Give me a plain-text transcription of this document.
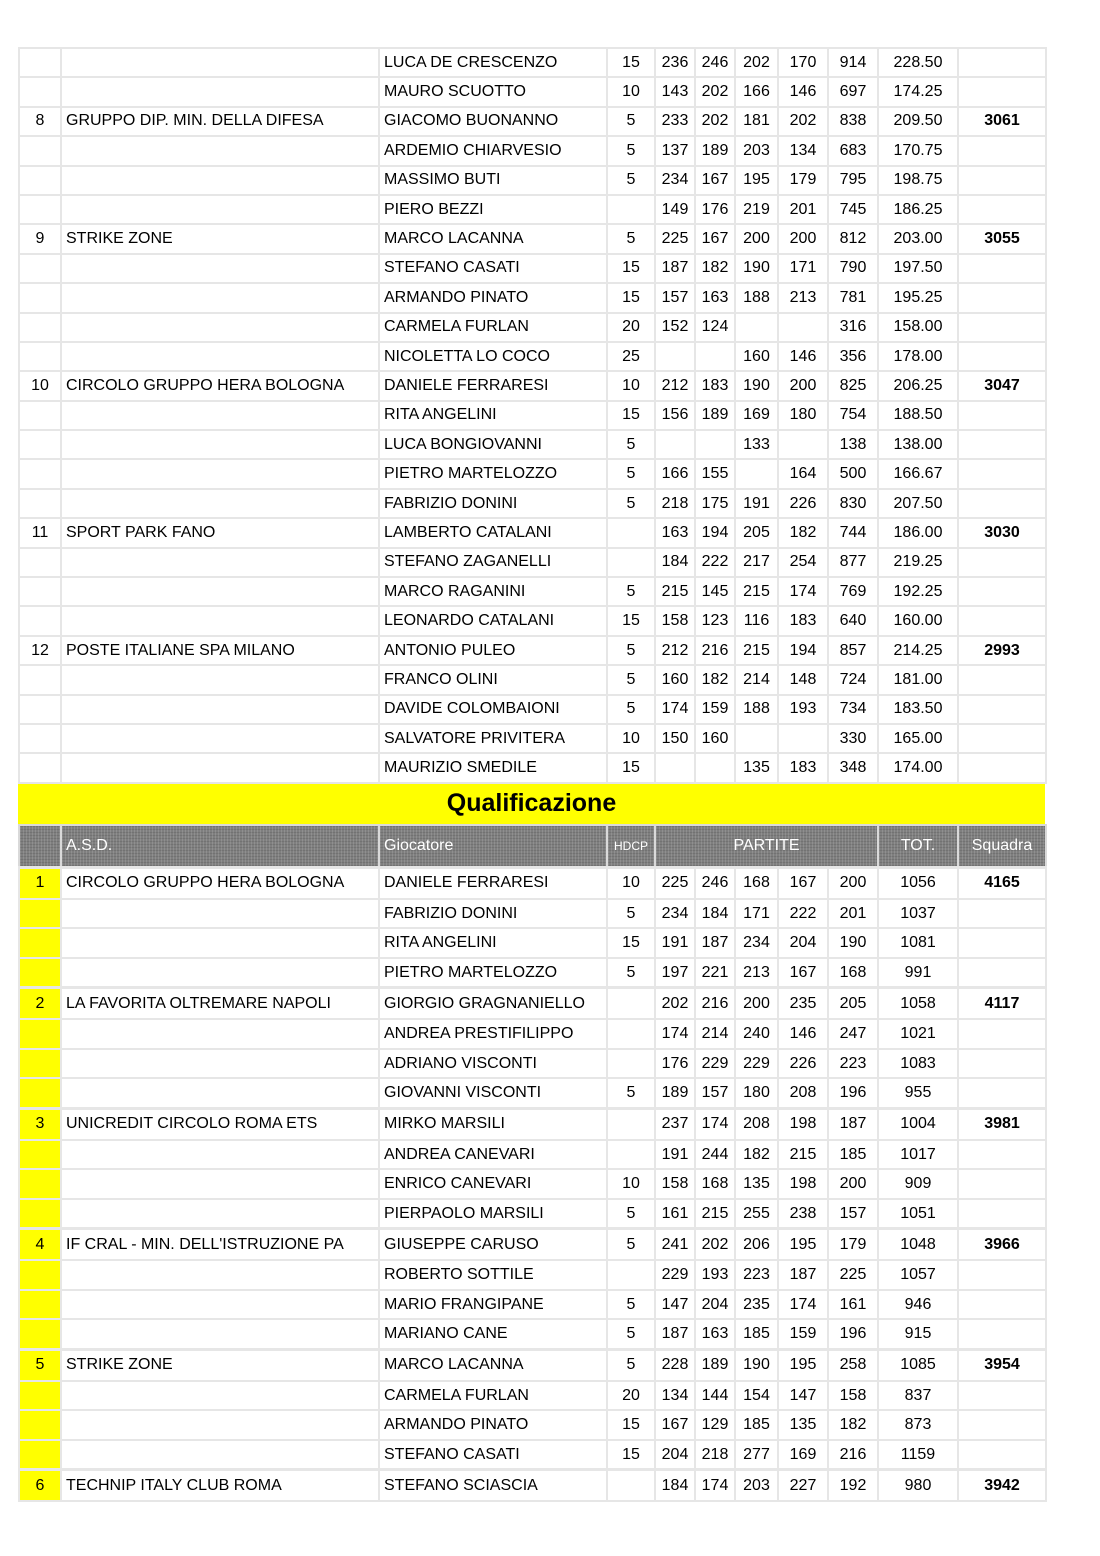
		LUCA DE CRESCENZO	15	236	246	202	170	914	228.50	
		MAURO SCUOTTO	10	143	202	166	146	697	174.25	
8	GRUPPO DIP. MIN. DELLA DIFESA	GIACOMO BUONANNO	5	233	202	181	202	838	209.50	3061
		ARDEMIO CHIARVESIO	5	137	189	203	134	683	170.75	
		MASSIMO BUTI	5	234	167	195	179	795	198.75	
		PIERO BEZZI		149	176	219	201	745	186.25	
9	STRIKE ZONE	MARCO LACANNA	5	225	167	200	200	812	203.00	3055
		STEFANO CASATI	15	187	182	190	171	790	197.50	
		ARMANDO PINATO	15	157	163	188	213	781	195.25	
		CARMELA FURLAN	20	152	124			316	158.00	
		NICOLETTA LO COCO	25			160	146	356	178.00	
10	CIRCOLO GRUPPO HERA BOLOGNA	DANIELE FERRARESI	10	212	183	190	200	825	206.25	3047
		RITA ANGELINI	15	156	189	169	180	754	188.50	
		LUCA BONGIOVANNI	5			133		138	138.00	
		PIETRO MARTELOZZO	5	166	155		164	500	166.67	
		FABRIZIO DONINI	5	218	175	191	226	830	207.50	
11	SPORT PARK FANO	LAMBERTO CATALANI		163	194	205	182	744	186.00	3030
		STEFANO ZAGANELLI		184	222	217	254	877	219.25	
		MARCO RAGANINI	5	215	145	215	174	769	192.25	
		LEONARDO CATALANI	15	158	123	116	183	640	160.00	
12	POSTE ITALIANE SPA MILANO	ANTONIO PULEO	5	212	216	215	194	857	214.25	2993
		FRANCO OLINI	5	160	182	214	148	724	181.00	
		DAVIDE COLOMBAIONI	5	174	159	188	193	734	183.50	
		SALVATORE PRIVITERA	10	150	160			330	165.00	
		MAURIZIO SMEDILE	15			135	183	348	174.00	
Qualificazione
	A.S.D.	Giocatore	HDCP	PARTITE					TOT.	Squadra
1	CIRCOLO GRUPPO HERA BOLOGNA	DANIELE FERRARESI	10	225	246	168	167	200	1056	4165
		FABRIZIO DONINI	5	234	184	171	222	201	1037	
		RITA ANGELINI	15	191	187	234	204	190	1081	
		PIETRO MARTELOZZO	5	197	221	213	167	168	991	
2	LA FAVORITA OLTREMARE NAPOLI	GIORGIO GRAGNANIELLO		202	216	200	235	205	1058	4117
		ANDREA PRESTIFILIPPO		174	214	240	146	247	1021	
		ADRIANO VISCONTI		176	229	229	226	223	1083	
		GIOVANNI VISCONTI	5	189	157	180	208	196	955	
3	UNICREDIT CIRCOLO ROMA ETS	MIRKO MARSILI		237	174	208	198	187	1004	3981
		ANDREA CANEVARI		191	244	182	215	185	1017	
		ENRICO CANEVARI	10	158	168	135	198	200	909	
		PIERPAOLO MARSILI	5	161	215	255	238	157	1051	
4	IF CRAL - MIN. DELL'ISTRUZIONE PA	GIUSEPPE CARUSO	5	241	202	206	195	179	1048	3966
		ROBERTO SOTTILE		229	193	223	187	225	1057	
		MARIO FRANGIPANE	5	147	204	235	174	161	946	
		MARIANO CANE	5	187	163	185	159	196	915	
5	STRIKE ZONE	MARCO LACANNA	5	228	189	190	195	258	1085	3954
		CARMELA FURLAN	20	134	144	154	147	158	837	
		ARMANDO PINATO	15	167	129	185	135	182	873	
		STEFANO CASATI	15	204	218	277	169	216	1159	
6	TECHNIP ITALY CLUB ROMA	STEFANO SCIASCIA		184	174	203	227	192	980	3942
